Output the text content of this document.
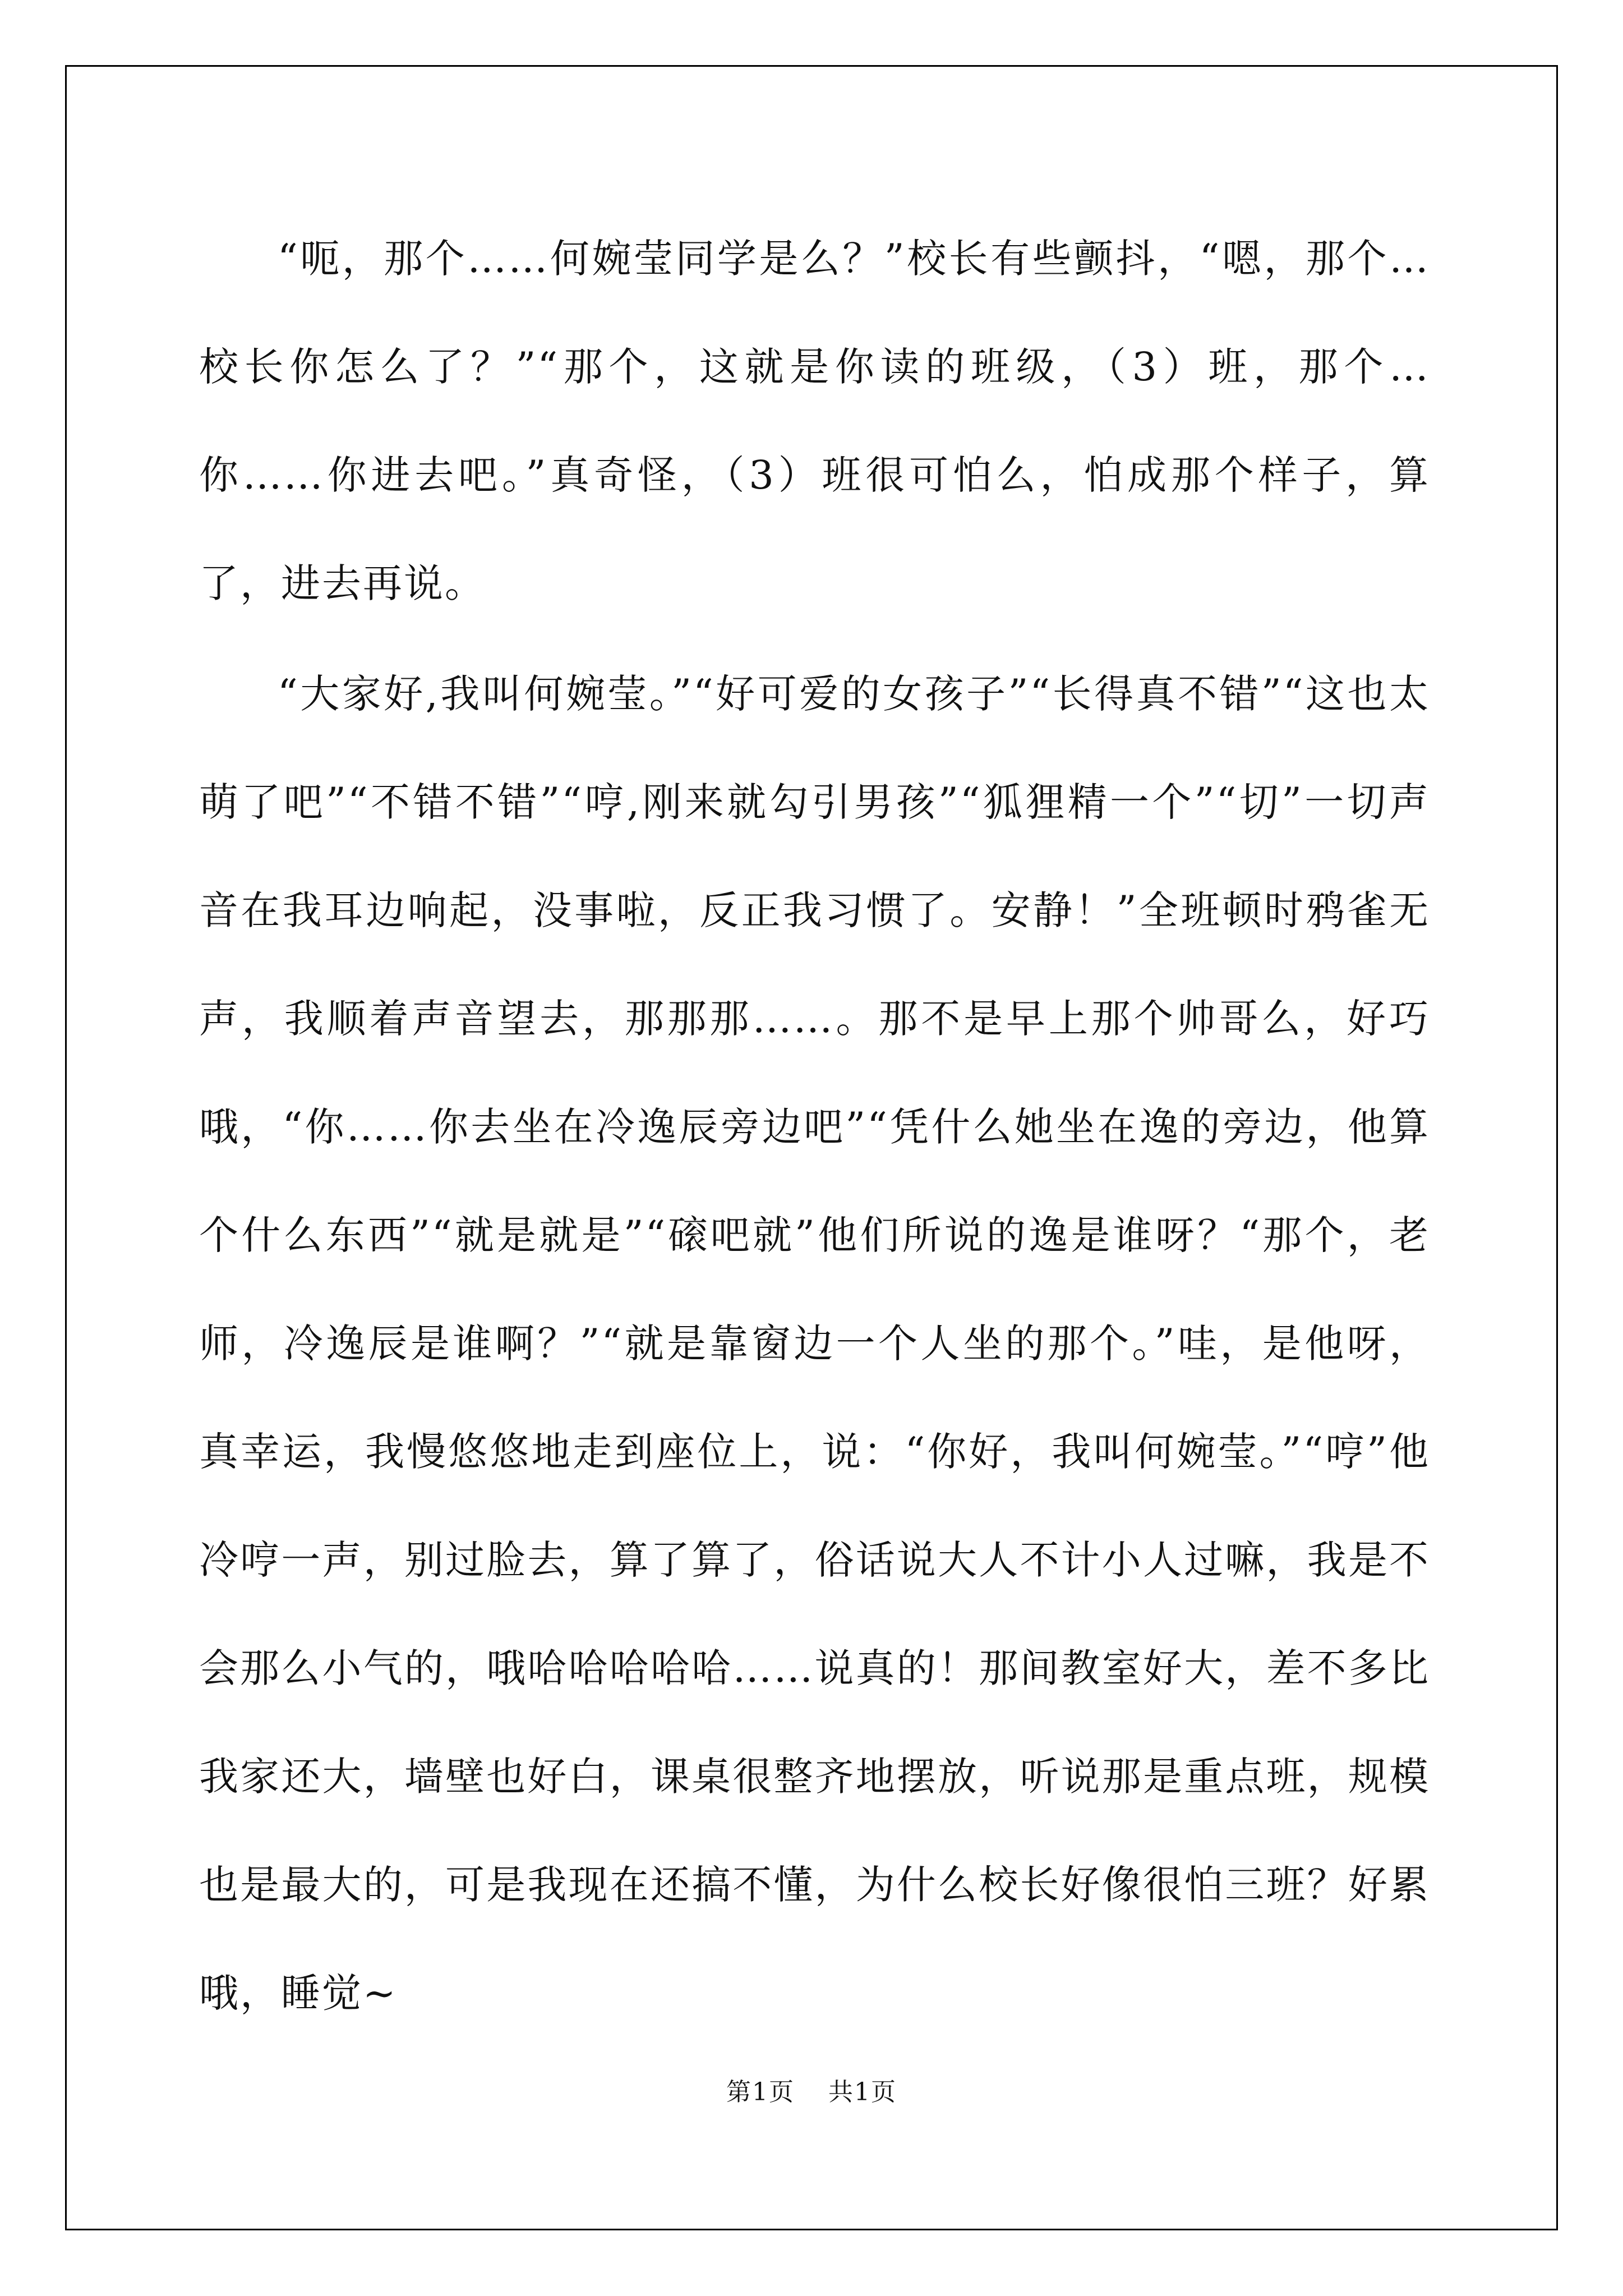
“呃，那个……何婉莹同学是么？”校长有些颤抖，“嗯，那个…校长你怎么了？”“那个，这就是你读的班级，（3）班，那个…你……你进去吧。”真奇怪，（3）班很可怕么，怕成那个样子，算了，进去再说。

“大家好,我叫何婉莹。”“好可爱的女孩子”“长得真不错”“这也太萌了吧”“不错不错”“哼,刚来就勾引男孩”“狐狸精一个”“切”一切声音在我耳边响起，没事啦，反正我习惯了。安静！”全班顿时鸦雀无声，我顺着声音望去，那那那……。那不是早上那个帅哥么，好巧哦，“你……你去坐在冷逸辰旁边吧”“凭什么她坐在逸的旁边，他算个什么东西”“就是就是”“磙吧就”他们所说的逸是谁呀？“那个，老师，冷逸辰是谁啊？”“就是靠窗边一个人坐的那个。”哇，是他呀，真幸运，我慢悠悠地走到座位上，说：“你好，我叫何婉莹。”“哼”他冷哼一声，别过脸去，算了算了，俗话说大人不计小人过嘛，我是不会那么小气的，哦哈哈哈哈哈……说真的！那间教室好大，差不多比我家还大，墙壁也好白，课桌很整齐地摆放，听说那是重点班，规模也是最大的，可是我现在还搞不懂，为什么校长好像很怕三班？好累哦，睡觉~

第1页 共1页
